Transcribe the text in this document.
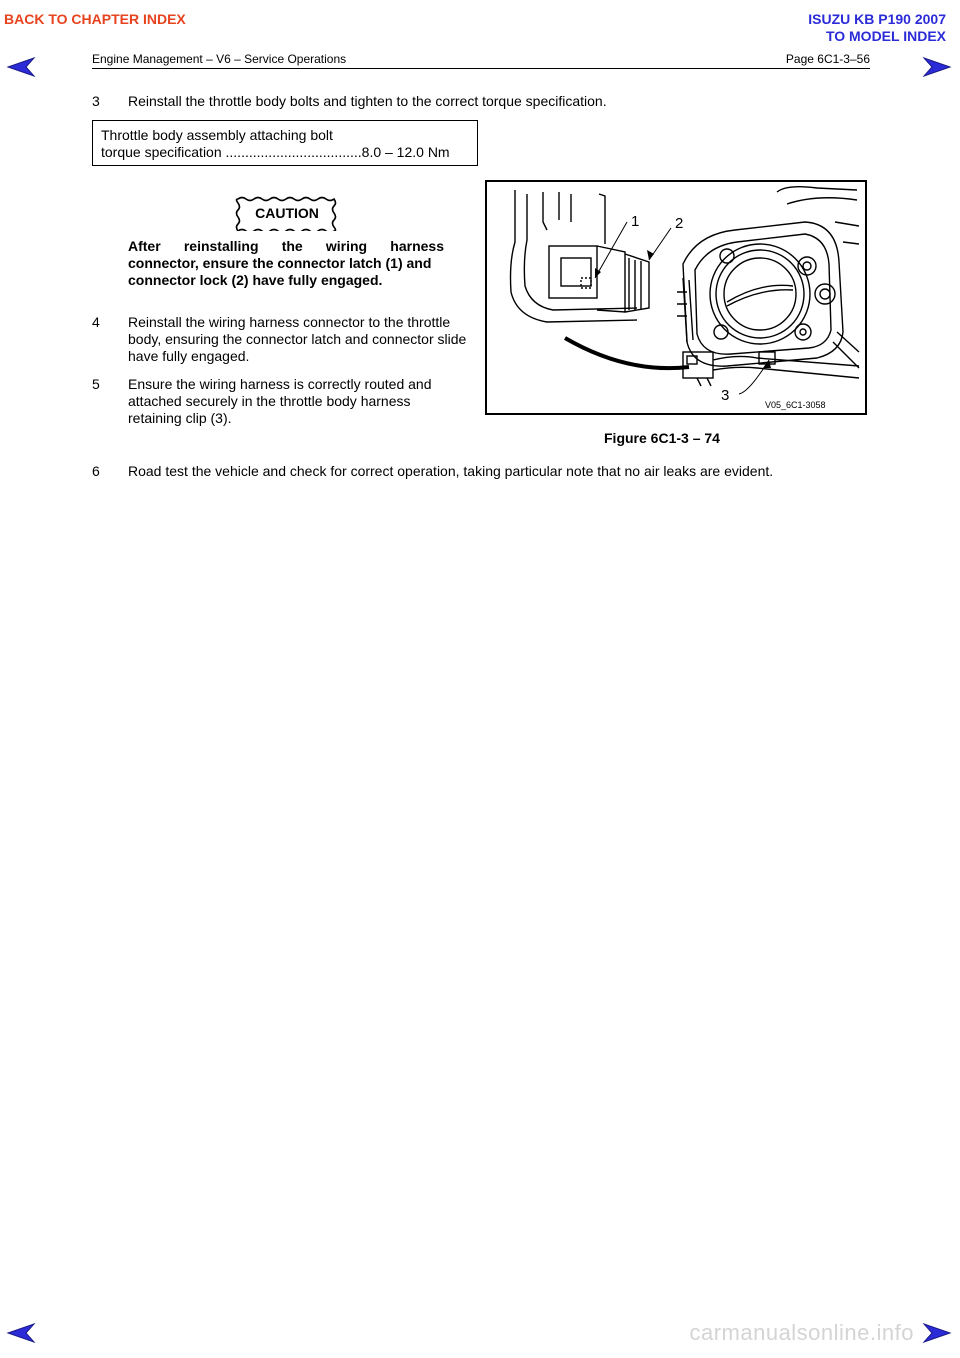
BACK TO CHAPTER INDEX	ISUZU KB P190 2007
TO MODEL INDEX
Engine Management – V6 – Service Operations	Page 6C1-3–56
3 Reinstall the throttle body bolts and tighten to the correct torque specification.
Throttle body assembly attaching bolt
torque specification ...................................8.0 – 12.0 Nm
CAUTION
After reinstalling the wiring harness
connector, ensure the connector latch (1) and
connector lock (2) have fully engaged.
4 Reinstall the wiring harness connector to the throttle
body, ensuring the connector latch and connector slide
have fully engaged.
5 Ensure the wiring harness is correctly routed and
attached securely in the throttle body harness
retaining clip (3).
1 2
3
V05_6C1-3058
Figure 6C1-3 – 74
6 Road test the vehicle and check for correct operation, taking particular note that no air leaks are evident.
carmanualsonline.info
